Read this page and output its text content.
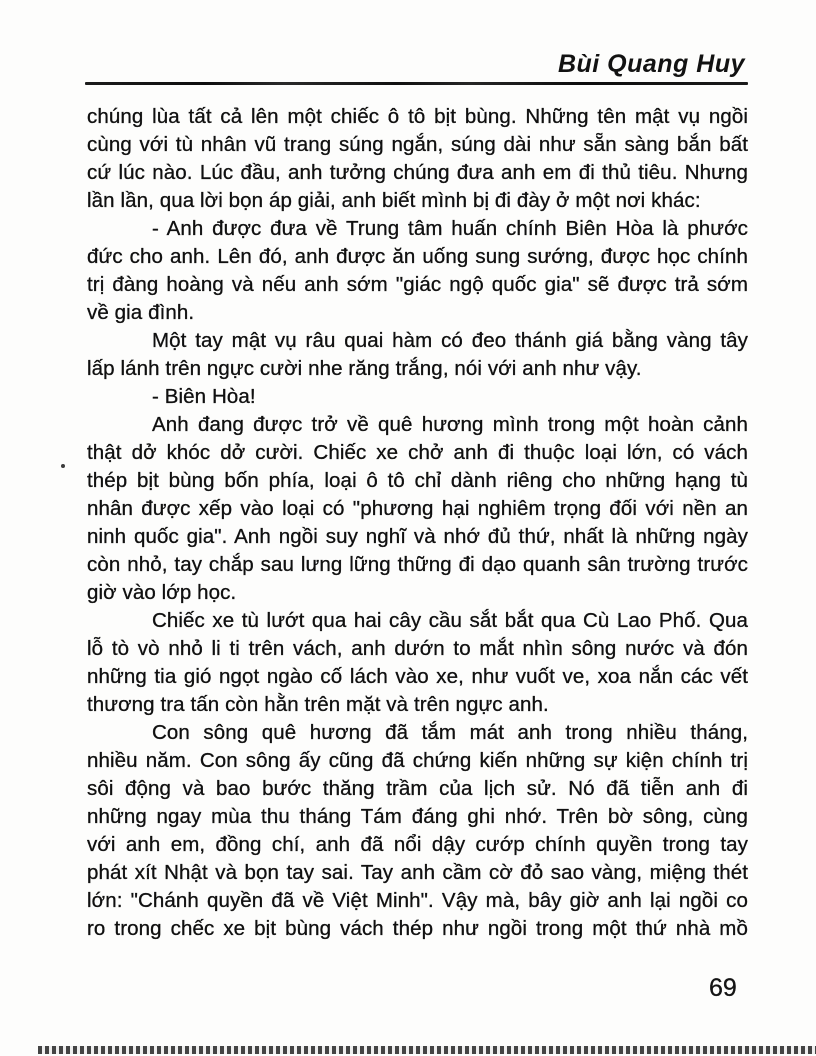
Bùi Quang Huy
chúng lùa tất cả lên một chiếc ô tô bịt bùng. Những tên mật vụ ngồi
cùng với tù nhân vũ trang súng ngắn, súng dài như sẵn sàng bắn bất
cứ lúc nào. Lúc đầu, anh tưởng chúng đưa anh em đi thủ tiêu. Nhưng
lần lần, qua lời bọn áp giải, anh biết mình bị đi đày ở một nơi khác:
- Anh được đưa về Trung tâm huấn chính Biên Hòa là phước
đức cho anh. Lên đó, anh được ăn uống sung sướng, được học chính
trị đàng hoàng và nếu anh sớm "giác ngộ quốc gia" sẽ được trả sớm
về gia đình.
Một tay mật vụ râu quai hàm có đeo thánh giá bằng vàng tây
lấp lánh trên ngực cười nhe răng trắng, nói với anh như vậy.
- Biên Hòa!
Anh đang được trở về quê hương mình trong một hoàn cảnh
thật dở khóc dở cười. Chiếc xe chở anh đi thuộc loại lớn, có vách
thép bịt bùng bốn phía, loại ô tô chỉ dành riêng cho những hạng tù
nhân được xếp vào loại có "phương hại nghiêm trọng đối với nền an
ninh quốc gia". Anh ngồi suy nghĩ và nhớ đủ thứ, nhất là những ngày
còn nhỏ, tay chắp sau lưng lững thững đi dạo quanh sân trường trước
giờ vào lớp học.
Chiếc xe tù lướt qua hai cây cầu sắt bắt qua Cù Lao Phố. Qua
lỗ tò vò nhỏ li ti trên vách, anh dướn to mắt nhìn sông nước và đón
những tia gió ngọt ngào cố lách vào xe, như vuốt ve, xoa nắn các vết
thương tra tấn còn hằn trên mặt và trên ngực anh.
Con sông quê hương đã tắm mát anh trong nhiều tháng,
nhiều năm. Con sông ấy cũng đã chứng kiến những sự kiện chính trị
sôi động và bao bước thăng trầm của lịch sử. Nó đã tiễn anh đi
những ngay mùa thu tháng Tám đáng ghi nhớ. Trên bờ sông, cùng
với anh em, đồng chí, anh đã nổi dậy cướp chính quyền trong tay
phát xít Nhật và bọn tay sai. Tay anh cầm cờ đỏ sao vàng, miệng thét
lớn: "Chánh quyền đã về Việt Minh". Vậy mà, bây giờ anh lại ngồi co
ro trong chếc xe bịt bùng vách thép như ngồi trong một thứ nhà mồ
69
